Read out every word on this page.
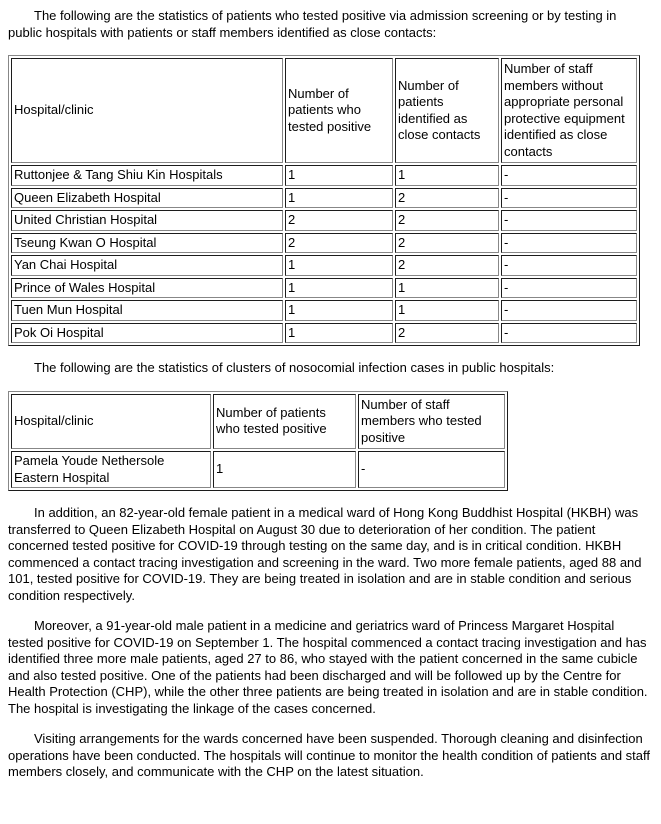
The following are the statistics of patients who tested positive via admission screening or by testing in public hospitals with patients or staff members identified as close contacts:

Hospital/clinic	Number of patients who tested positive	Number of patients identified as close contacts	Number of staff members without appropriate personal protective equipment identified as close contacts
Ruttonjee & Tang Shiu Kin Hospitals	1	1	-
Queen Elizabeth Hospital	1	2	-
United Christian Hospital	2	2	-
Tseung Kwan O Hospital	2	2	-
Yan Chai Hospital	1	2	-
Prince of Wales Hospital	1	1	-
Tuen Mun Hospital	1	1	-
Pok Oi Hospital	1	2	-

The following are the statistics of clusters of nosocomial infection cases in public hospitals:

Hospital/clinic	Number of patients who tested positive	Number of staff members who tested positive
Pamela Youde Nethersole Eastern Hospital	1	-

In addition, an 82-year-old female patient in a medical ward of Hong Kong Buddhist Hospital (HKBH) was transferred to Queen Elizabeth Hospital on August 30 due to deterioration of her condition. The patient concerned tested positive for COVID-19 through testing on the same day, and is in critical condition. HKBH commenced a contact tracing investigation and screening in the ward. Two more female patients, aged 88 and 101, tested positive for COVID-19. They are being treated in isolation and are in stable condition and serious condition respectively.

Moreover, a 91-year-old male patient in a medicine and geriatrics ward of Princess Margaret Hospital tested positive for COVID-19 on September 1. The hospital commenced a contact tracing investigation and has identified three more male patients, aged 27 to 86, who stayed with the patient concerned in the same cubicle and also tested positive. One of the patients had been discharged and will be followed up by the Centre for Health Protection (CHP), while the other three patients are being treated in isolation and are in stable condition. The hospital is investigating the linkage of the cases concerned.

Visiting arrangements for the wards concerned have been suspended. Thorough cleaning and disinfection operations have been conducted. The hospitals will continue to monitor the health condition of patients and staff members closely, and communicate with the CHP on the latest situation.
